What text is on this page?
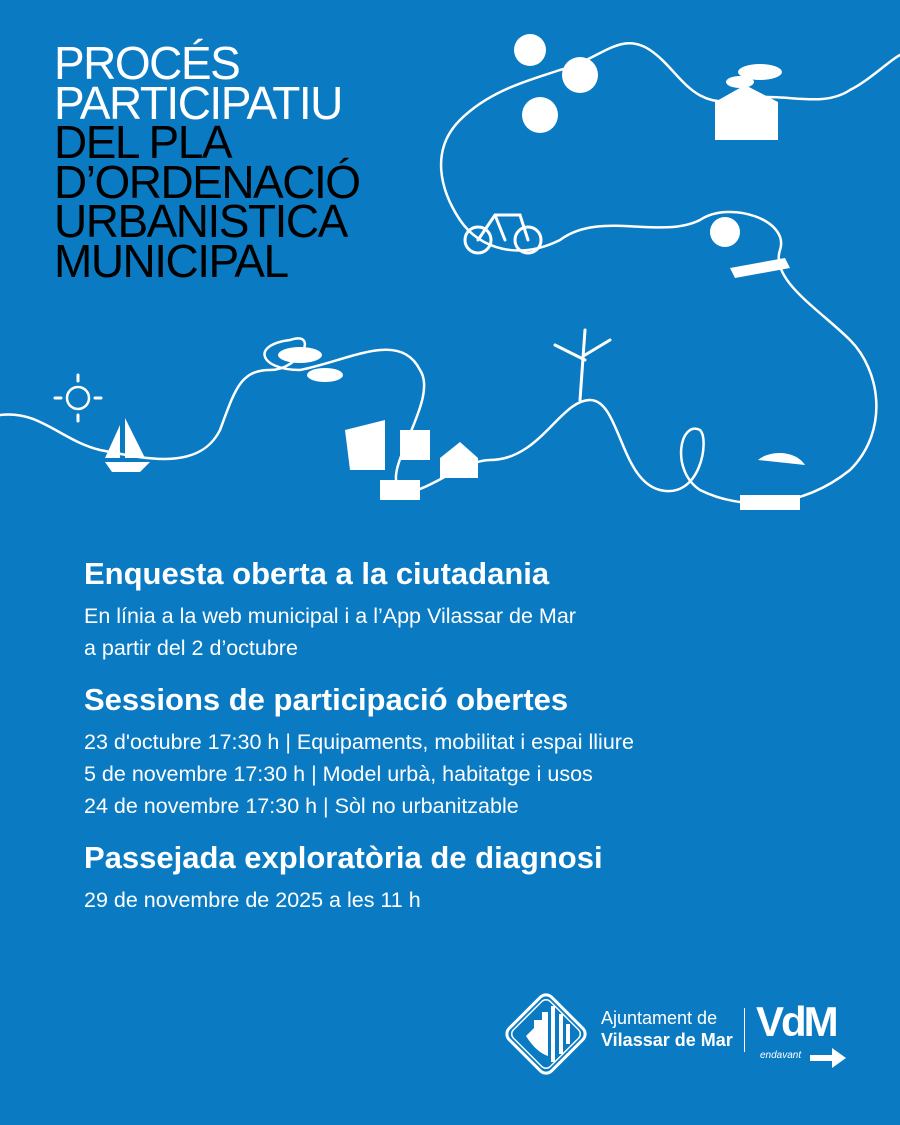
PROCÉS
PARTICIPATIU
DEL PLA
D’ORDENACIÓ
URBANISTICA
MUNICIPAL
Enquesta oberta a la ciutadania
En línia a la web municipal i a l’App Vilassar de Mar
a partir del 2 d’octubre
Sessions de participació obertes
23 d'octubre 17:30 h | Equipaments, mobilitat i espai lliure
5 de novembre 17:30 h | Model urbà, habitatge i usos
24 de novembre 17:30 h | Sòl no urbanitzable
Passejada exploratòria de diagnosi
29 de novembre de 2025 a les 11 h
Ajuntament de
Vilassar de Mar VdM
endavant
